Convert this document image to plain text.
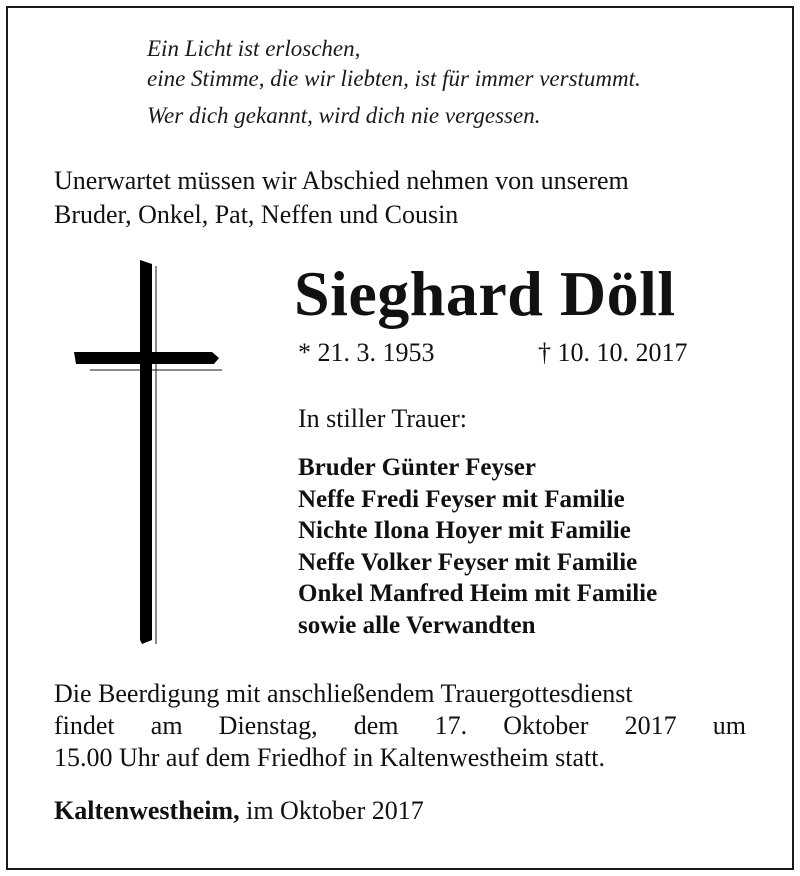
Ein Licht ist erloschen,
eine Stimme, die wir liebten, ist für immer verstummt.
Wer dich gekannt, wird dich nie vergessen.
Unerwartet müssen wir Abschied nehmen von unserem
Bruder, Onkel, Pat, Neffen und Cousin
Sieghard Döll
* 21. 3. 1953	† 10. 10. 2017
In stiller Trauer:
Bruder Günter Feyser
Neffe Fredi Feyser mit Familie
Nichte Ilona Hoyer mit Familie
Neffe Volker Feyser mit Familie
Onkel Manfred Heim mit Familie
sowie alle Verwandten
Die Beerdigung mit anschließendem Trauergottesdienst
findet am Dienstag, dem 17. Oktober 2017 um
15.00 Uhr auf dem Friedhof in Kaltenwestheim statt.
Kaltenwestheim, im Oktober 2017
